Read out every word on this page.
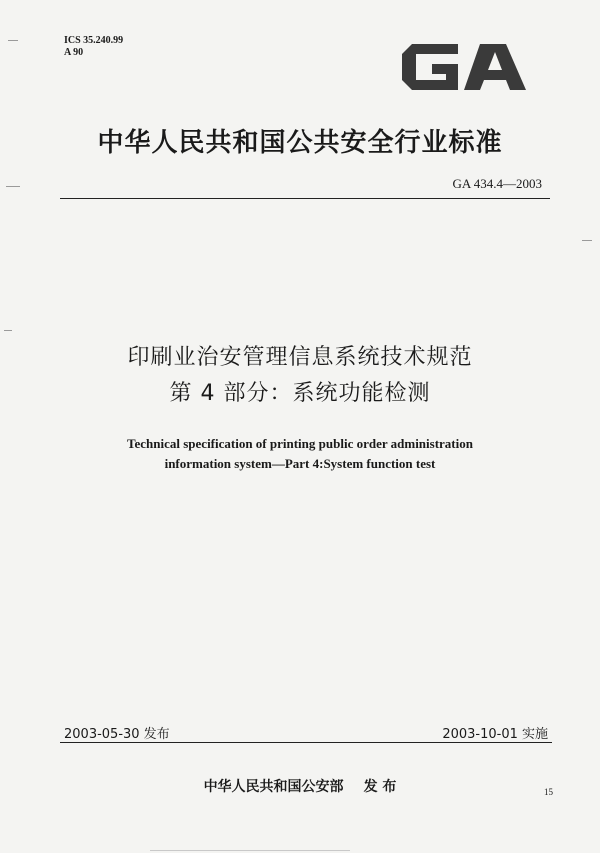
ICS 35.240.99
A 90
中华人民共和国公共安全行业标准
GA 434.4—2003
印刷业治安管理信息系统技术规范
第 4 部分：系统功能检测
Technical specification of printing public order administration
information system—Part 4:System function test
2003-05-30 发布	2003-10-01 实施
中华人民共和国公安部 发 布	15
